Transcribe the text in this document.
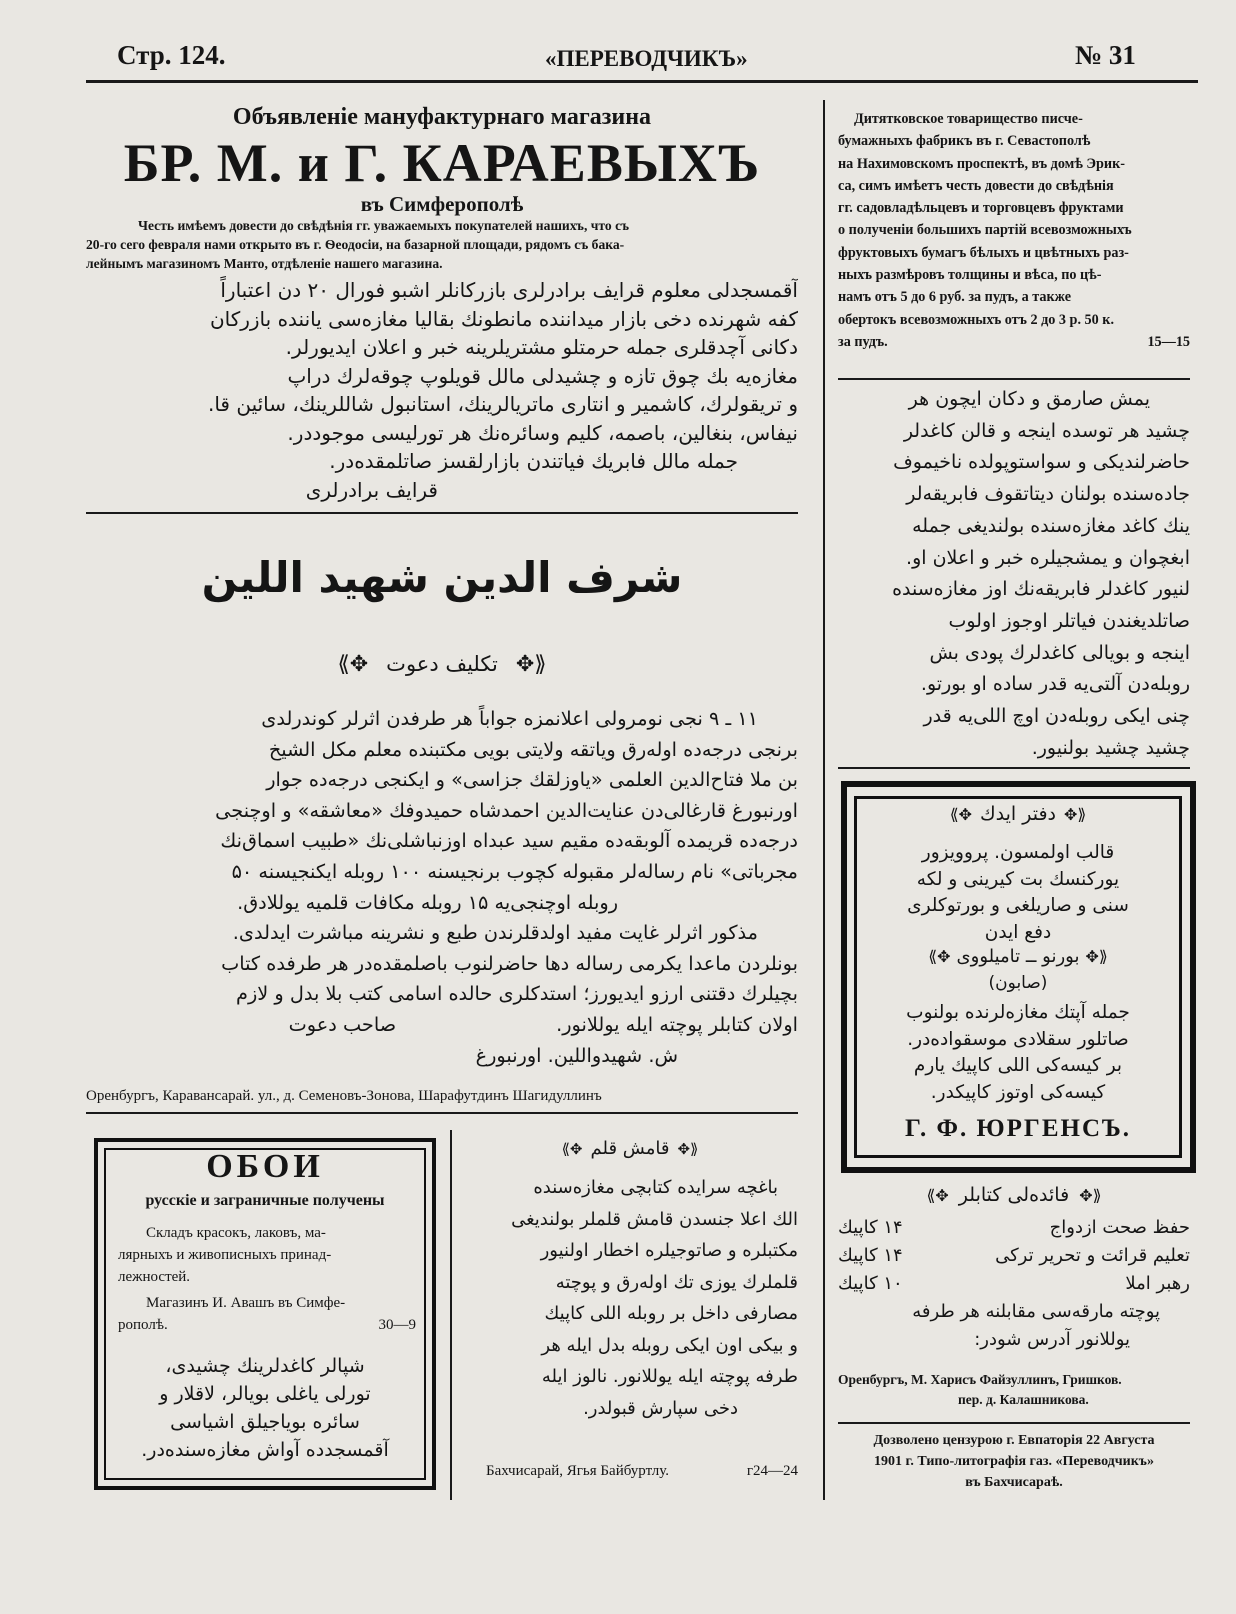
Стр. 124.	«ПЕРЕВОДЧИКЪ»	№ 31
Объявленіе мануфактурнаго магазина
БР. М. и Г. КАРАЕВЫХЪ
въ Симферополѣ
Честь имѣемъ довести до свѣдѣнія гг. уважаемыхъ покупателей нашихъ, что съ
20-го сего февраля нами открыто въ г. Ѳеодосіи, на базарной площади, рядомъ съ бака-
лейнымъ магазиномъ Манто, отдѣленіе нашего магазина.
آقمسجدلی معلوم قرایف برادرلری بازرکانلر اشبو فورال ۲۰ دن اعتباراً
کفه شهرنده دخی بازار میداننده مانطونك بقالیا مغازه‌سی یاننده بازرکان
دکانی آچدقلری جمله حرمتلو مشتریلرینه خبر و اعلان ایدیورلر.
مغازه‌یه بك چوق تازه و چشیدلی مالل قویلوپ چوقه‌لرك دراپ
و تریقولرك، کاشمیر و انتاری ماتریالرینك، استانبول شاللرینك، سائین قا.
نیفاس، بنغالین، باصمه، کلیم وسائره‌نك هر تورلیسی موجوددر.
جمله مالل فابریك فیاتندن بازارلقسز صاتلمقده‌در.
قرایف برادرلری
Дитятковское товарищество писче-
бумажныхъ фабрикъ въ г. Севастополѣ
на Нахимовскомъ проспектѣ, въ домѣ Эрик-
са, симъ имѣетъ честь довести до свѣдѣнія
гг. садовладѣльцевъ и торговцевъ фруктами
о полученіи большихъ партій всевозможныхъ
фруктовыхъ бумагъ бѣлыхъ и цвѣтныхъ раз-
ныхъ размѣровъ толщины и вѣса, по цѣ-
намъ отъ 5 до 6 руб. за пудъ, а также
обертокъ всевозможныхъ отъ 2 до 3 р. 50 к.
за пудъ.	15—15
یمش صارمق و دکان ایچون هر
چشید هر توسده اینجه و قالن کاغدلر
حاضرلندیکی و سواستوپولده ناخیموف
جاده‌سنده بولنان دیتاتقوف فابریقه‌لر
ینك کاغد مغازه‌سنده بولندیغی جمله
ابغچوان و یمشجیلره خبر و اعلان او.
لنیور کاغدلر فابریقه‌نك اوز مغازه‌سنده
صاتلدیغندن فیاتلر اوجوز اولوب
اینجه و بویالی کاغدلرك پودی بش
روبله‌دن آلتی‌یه قدر ساده او بورتو.
چنی ایکی روبله‌دن اوچ اللی‌یه قدر
چشید چشید بولنیور.
شرف الدين شهيد اللين
⟪✥ تکلیف دعوت ✥⟫
۱۱ ـ ۹ نجی نومرولی اعلانمزه جواباً هر طرفدن اثرلر کوندرلدی
برنجی درجه‌ده اوله‌رق ویاتقه ولایتی بویی مکتبنده معلم مکل الشیخ
بن ملا فتاح‌الدین العلمی «یاوزلقك جزاسی» و ایکنجی درجه‌ده جوار
اورنبورغ قارغالی‌دن عنایت‌الدین احمدشاه حمیدوفك «معاشقه» و اوچنجی
درجه‌ده قریمده آلوبقه‌ده مقیم سید عبداه اوزنباشلی‌نك «طبیب اسماق‌نك
مجرباتی» نام رساله‌لر مقبوله کچوب برنجیسنه ۱۰۰ روبله ایکنجیسنه ۵۰
روبله اوچنجی‌یه ۱۵ روبله مکافات قلمیه یوللادق.
مذکور اثرلر غایت مفید اولدقلرندن طبع و نشرینه مباشرت ایدلدی.
بونلردن ماعدا یکرمی رساله دها حاضرلنوب باصلمقده‌در هر طرفده کتاب
بچیلرك دقتنی ارزو ایدیورز؛ استدکلری حالده اسامی کتب بلا بدل و لازم
اولان کتابلر پوچته ایله یوللانور.صاحب دعوت
ش. شهیدواللین. اورنبورغ
Оренбургъ, Каравансарай. ул., д. Семеновъ-Зонова, Шарафутдинъ Шагидуллинъ
⟪✥ دفتر ایدك ✥⟫
قالب اولمسون. پروویزور
یورکنسك بت کیرینی و لکه
سنی و صاریلغی و بورتوکلری
دفع ایدن
⟪✥ بورنو ــ تامیلووی ✥⟫
(صابون)
جمله آپتك مغازه‌لرنده بولنوب
صاتلور سقلادی موسقواده‌در.
بر کیسه‌کی اللی کاپیك یارم
کیسه‌کی اوتوز کاپیکدر.
Г. Ф. ЮРГЕНСЪ.
⟪✥ فائده‌لی کتابلر ✥⟫
حفظ صحت ازدواج
۱۴ کاپیك
تعلیم قرائت و تحریر ترکی
۱۴ کاپیك
رهبر املا
۱۰ کاپیك
پوچته مارقه‌سی مقابلنه هر طرفه
یوللانور آدرس شودر:
Оренбургъ, М. Харисъ Файзуллинъ, Гришков.
пер. д. Калашникова.
Дозволено цензурою г. Евпаторія 22 Августа
1901 г. Типо-литографія газ. «Переводчикъ»
въ Бахчисараѣ.
ОБОИ
русскіе и заграничные получены
Складъ красокъ, лаковъ, ма-
лярныхъ и живописныхъ принад-
лежностей.
Магазинъ И. Авашъ въ Симфе-
рополѣ.	30—9
شپالر کاغدلرینك چشیدی،
تورلی یاغلی بویالر، لاقلار و
سائره بویاجیلق اشیاسی
آقمسجدده آواش مغازه‌سنده‌در.
⟪✥ قامش قلم ✥⟫
باغچه سرایده کتابچی مغازه‌سنده
الك اعلا جنسدن قامش قلملر بولندیغی
مکتبلره و صاتوجیلره اخطار اولنیور
قلملرك یوزی تك اوله‌رق و پوچته
مصارفی داخل بر روبله اللی کاپیك
و بیکی اون ایکی روبله بدل ایله هر
طرفه پوچته ایله یوللانور. نالوز ایله
دخی سپارش قبولدر.
Бахчисарай, Ягья Байбуртлу.	г24—24
